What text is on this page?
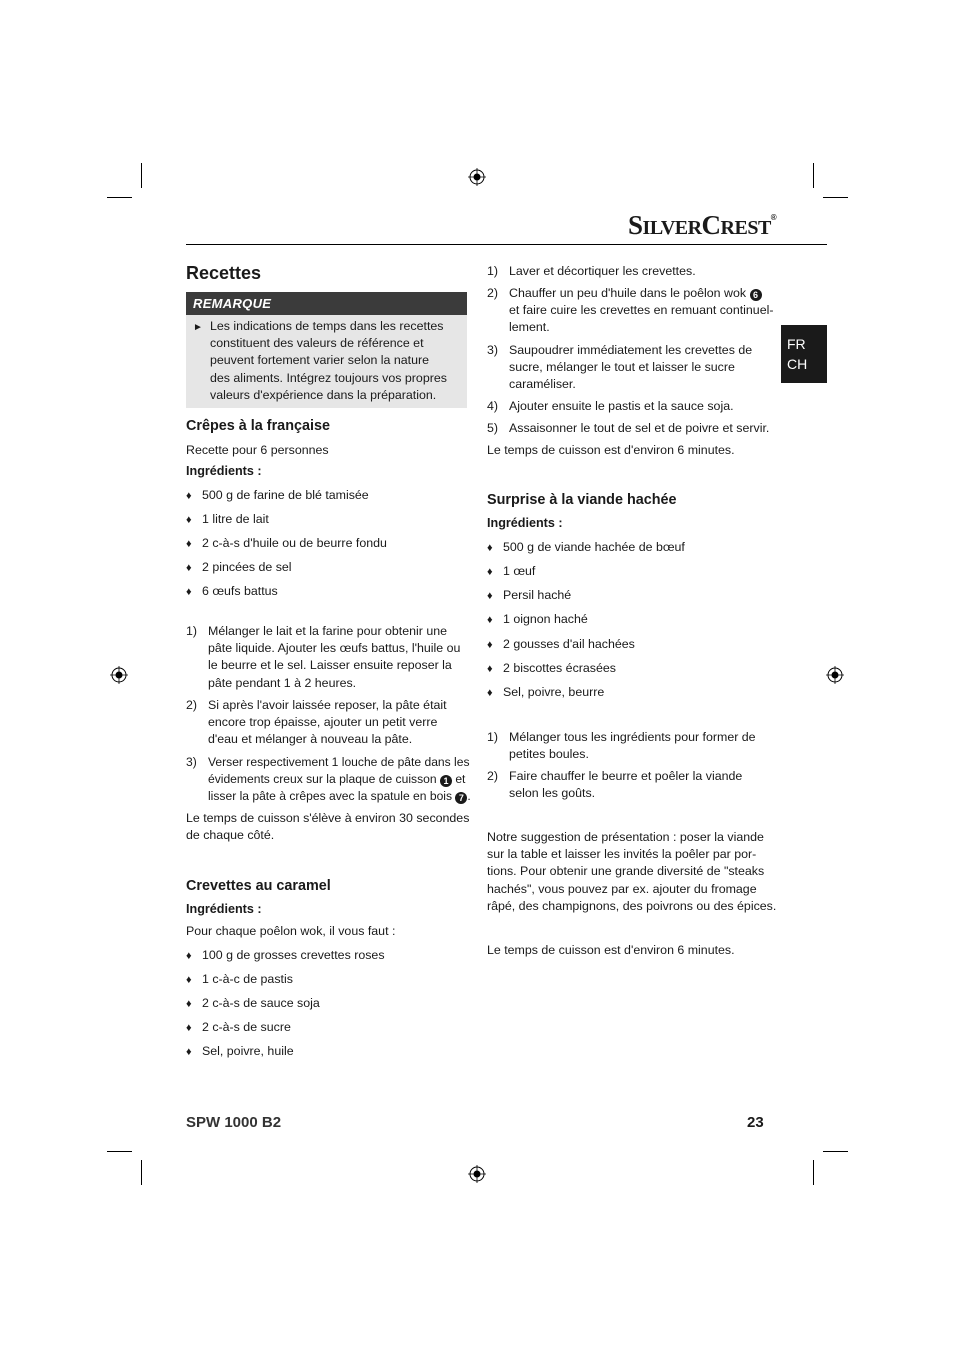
SILVERCREST®
FR
CH
Recettes
REMARQUE
► Les indications de temps dans les recettes
constituent des valeurs de référence et
peuvent fortement varier selon la nature
des aliments. Intégrez toujours vos propres
valeurs d'expérience dans la préparation.
Crêpes à la française
Recette pour 6 personnes
Ingrédients :
♦ 500 g de farine de blé tamisée
♦ 1 litre de lait
♦ 2 c-à-s d'huile ou de beurre fondu
♦ 2 pincées de sel
♦ 6 œufs battus
1) Mélanger le lait et la farine pour obtenir une
pâte liquide. Ajouter les œufs battus, l'huile ou
le beurre et le sel. Laisser ensuite reposer la
pâte pendant 1 à 2 heures.
2) Si après l'avoir laissée reposer, la pâte était
encore trop épaisse, ajouter un petit verre
d'eau et mélanger à nouveau la pâte.
3) Verser respectivement 1 louche de pâte dans les
évidements creux sur la plaque de cuisson 1 et
lisser la pâte à crêpes avec la spatule en bois 7 .
Le temps de cuisson s'élève à environ 30 secondes
de chaque côté.
Crevettes au caramel
Ingrédients :
Pour chaque poêlon wok, il vous faut :
♦ 100 g de grosses crevettes roses
♦ 1 c-à-c de pastis
♦ 2 c-à-s de sauce soja
♦ 2 c-à-s de sucre
♦ Sel, poivre, huile
1) Laver et décortiquer les crevettes.
2) Chauffer un peu d'huile dans le poêlon wok 6
et faire cuire les crevettes en remuant continuel-
lement.
3) Saupoudrer immédiatement les crevettes de
sucre, mélanger le tout et laisser le sucre
caraméliser.
4) Ajouter ensuite le pastis et la sauce soja.
5) Assaisonner le tout de sel et de poivre et servir.
Le temps de cuisson est d'environ 6 minutes.
Surprise à la viande hachée
Ingrédients :
♦ 500 g de viande hachée de bœuf
♦ 1 œuf
♦ Persil haché
♦ 1 oignon haché
♦ 2 gousses d'ail hachées
♦ 2 biscottes écrasées
♦ Sel, poivre, beurre
1) Mélanger tous les ingrédients pour former de
petites boules.
2) Faire chauffer le beurre et poêler la viande
selon les goûts.
Notre suggestion de présentation : poser la viande
sur la table et laisser les invités la poêler par por-
tions. Pour obtenir une grande diversité de "steaks
hachés", vous pouvez par ex. ajouter du fromage
râpé, des champignons, des poivrons ou des épices.
Le temps de cuisson est d'environ 6 minutes.
SPW 1000 B2	23
